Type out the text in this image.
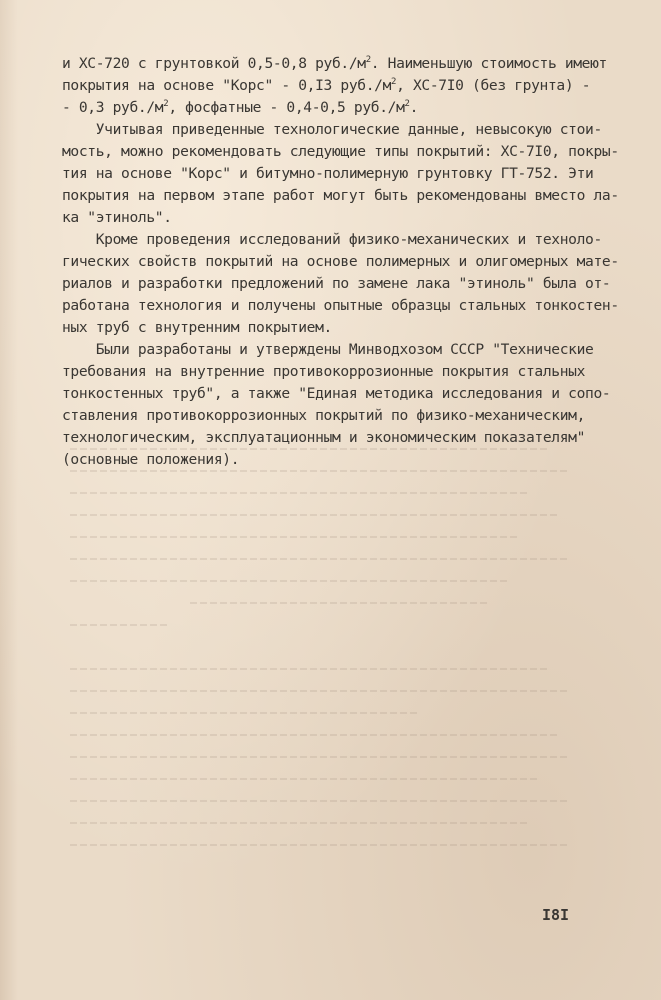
и ХС-720 с грунтовкой 0,5-0,8 $руб./м^2$. Наименьшую стоимость имеют
покрытия на основе "Корс" - 0,I3 $руб./м^2$, ХС-7I0 (без грунта) -
- 0,3 $руб./м^2$, фосфатные - 0,4-0,5 $руб./м^2$.
Учитывая приведенные технологические данные, невысокую стои-
мость, можно рекомендовать следующие типы покрытий: ХС-7I0, покры-
тия на основе "Корс" и битумно-полимерную грунтовку ГТ-752. Эти
покрытия на первом этапе работ могут быть рекомендованы вместо ла-
ка "этиноль".
Кроме проведения исследований физико-механических и техноло-
гических свойств покрытий на основе полимерных и олигомерных мате-
риалов и разработки предложений по замене лака "этиноль" была от-
работана технология и получены опытные образцы стальных тонкостен-
ных труб с внутренним покрытием.
Были разработаны и утверждены Минводхозом СССР "Технические
требования на внутренние противокоррозионные покрытия стальных
тонкостенных труб", а также "Единая методика исследования и сопо-
ставления противокоррозионных покрытий по физико-механическим,
технологическим, эксплуатационным и экономическим показателям"
(основные положения).
I8I
